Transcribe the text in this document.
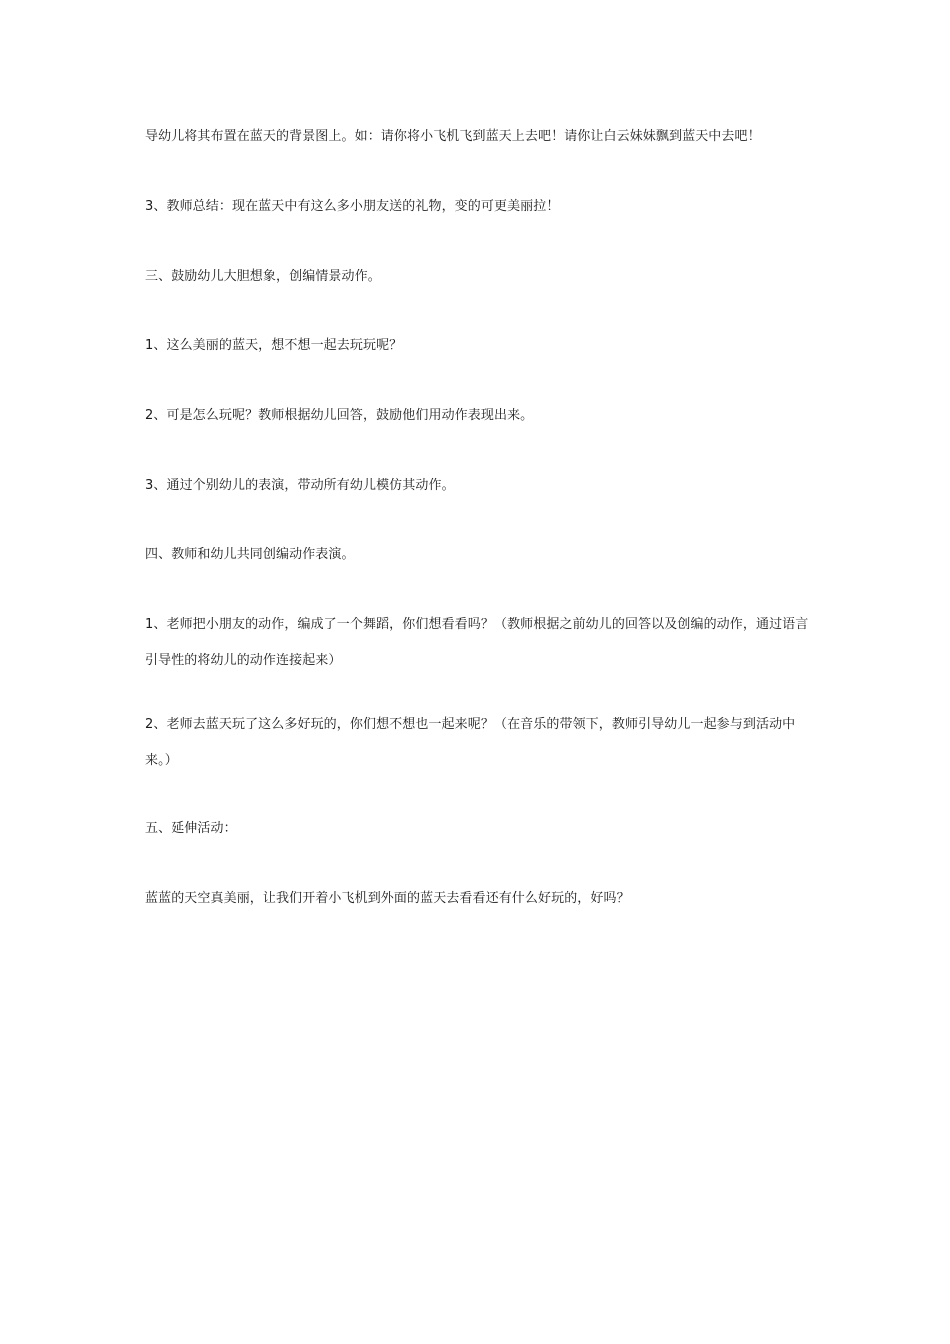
导幼儿将其布置在蓝天的背景图上。如：请你将小飞机飞到蓝天上去吧！请你让白云妹妹飘到蓝天中去吧！

3、教师总结：现在蓝天中有这么多小朋友送的礼物，变的可更美丽拉！

三、鼓励幼儿大胆想象，创编情景动作。

1、这么美丽的蓝天，想不想一起去玩玩呢？

2、可是怎么玩呢？教师根据幼儿回答，鼓励他们用动作表现出来。

3、通过个别幼儿的表演，带动所有幼儿模仿其动作。

四、教师和幼儿共同创编动作表演。

1、老师把小朋友的动作，编成了一个舞蹈，你们想看看吗？（教师根据之前幼儿的回答以及创编的动作，通过语言引导性的将幼儿的动作连接起来）

2、老师去蓝天玩了这么多好玩的，你们想不想也一起来呢？（在音乐的带领下，教师引导幼儿一起参与到活动中来。）

五、延伸活动：

蓝蓝的天空真美丽，让我们开着小飞机到外面的蓝天去看看还有什么好玩的，好吗？
